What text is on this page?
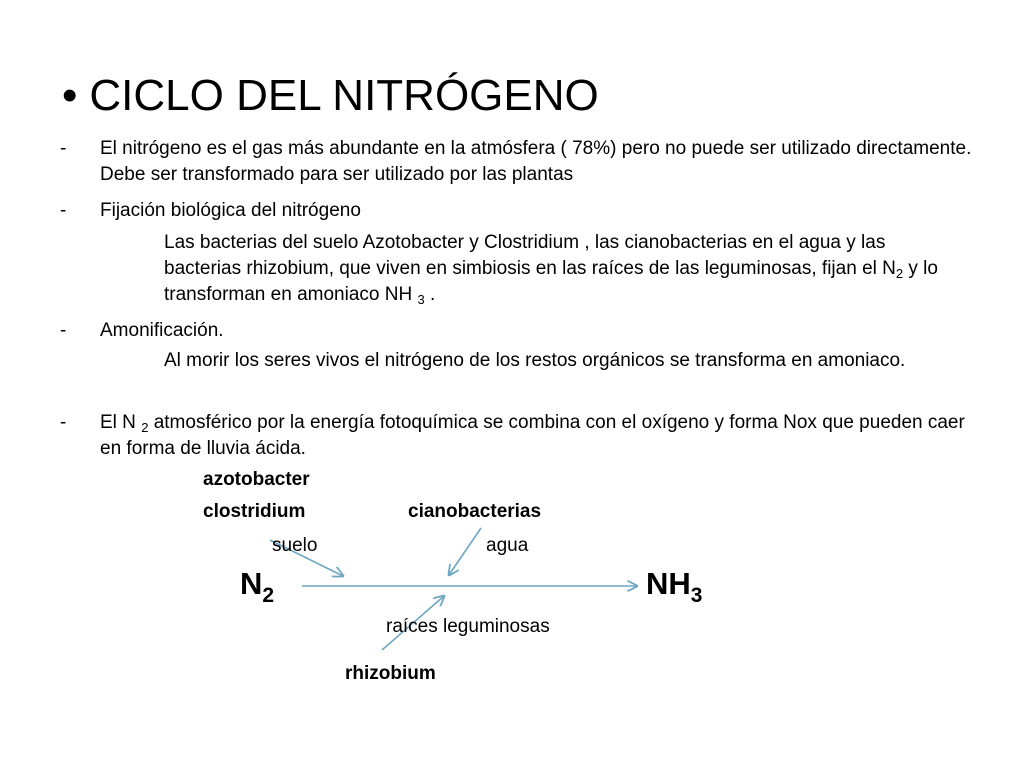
• CICLO DEL NITRÓGENO
- El nitrógeno es el gas más abundante en la atmósfera ( 78%) pero no puede ser utilizado directamente. Debe ser transformado para ser utilizado por las plantas
- Fijación biológica del nitrógeno
Las bacterias del suelo Azotobacter y Clostridium , las cianobacterias en el agua y las bacterias rhizobium, que viven en simbiosis en las raíces de las leguminosas, fijan el $N_2$ y lo transforman en amoniaco NH $_3$ .
- Amonificación.
Al morir los seres vivos el nitrógeno de los restos orgánicos se transforma en amoniaco.
- El N $_2$ atmosférico por la energía fotoquímica se combina con el oxígeno y forma Nox que pueden caer en forma de lluvia ácida.
azotobacter
clostridium	cianobacterias
suelo	agua
$N_2$	$NH_3$
raíces leguminosas
rhizobium
